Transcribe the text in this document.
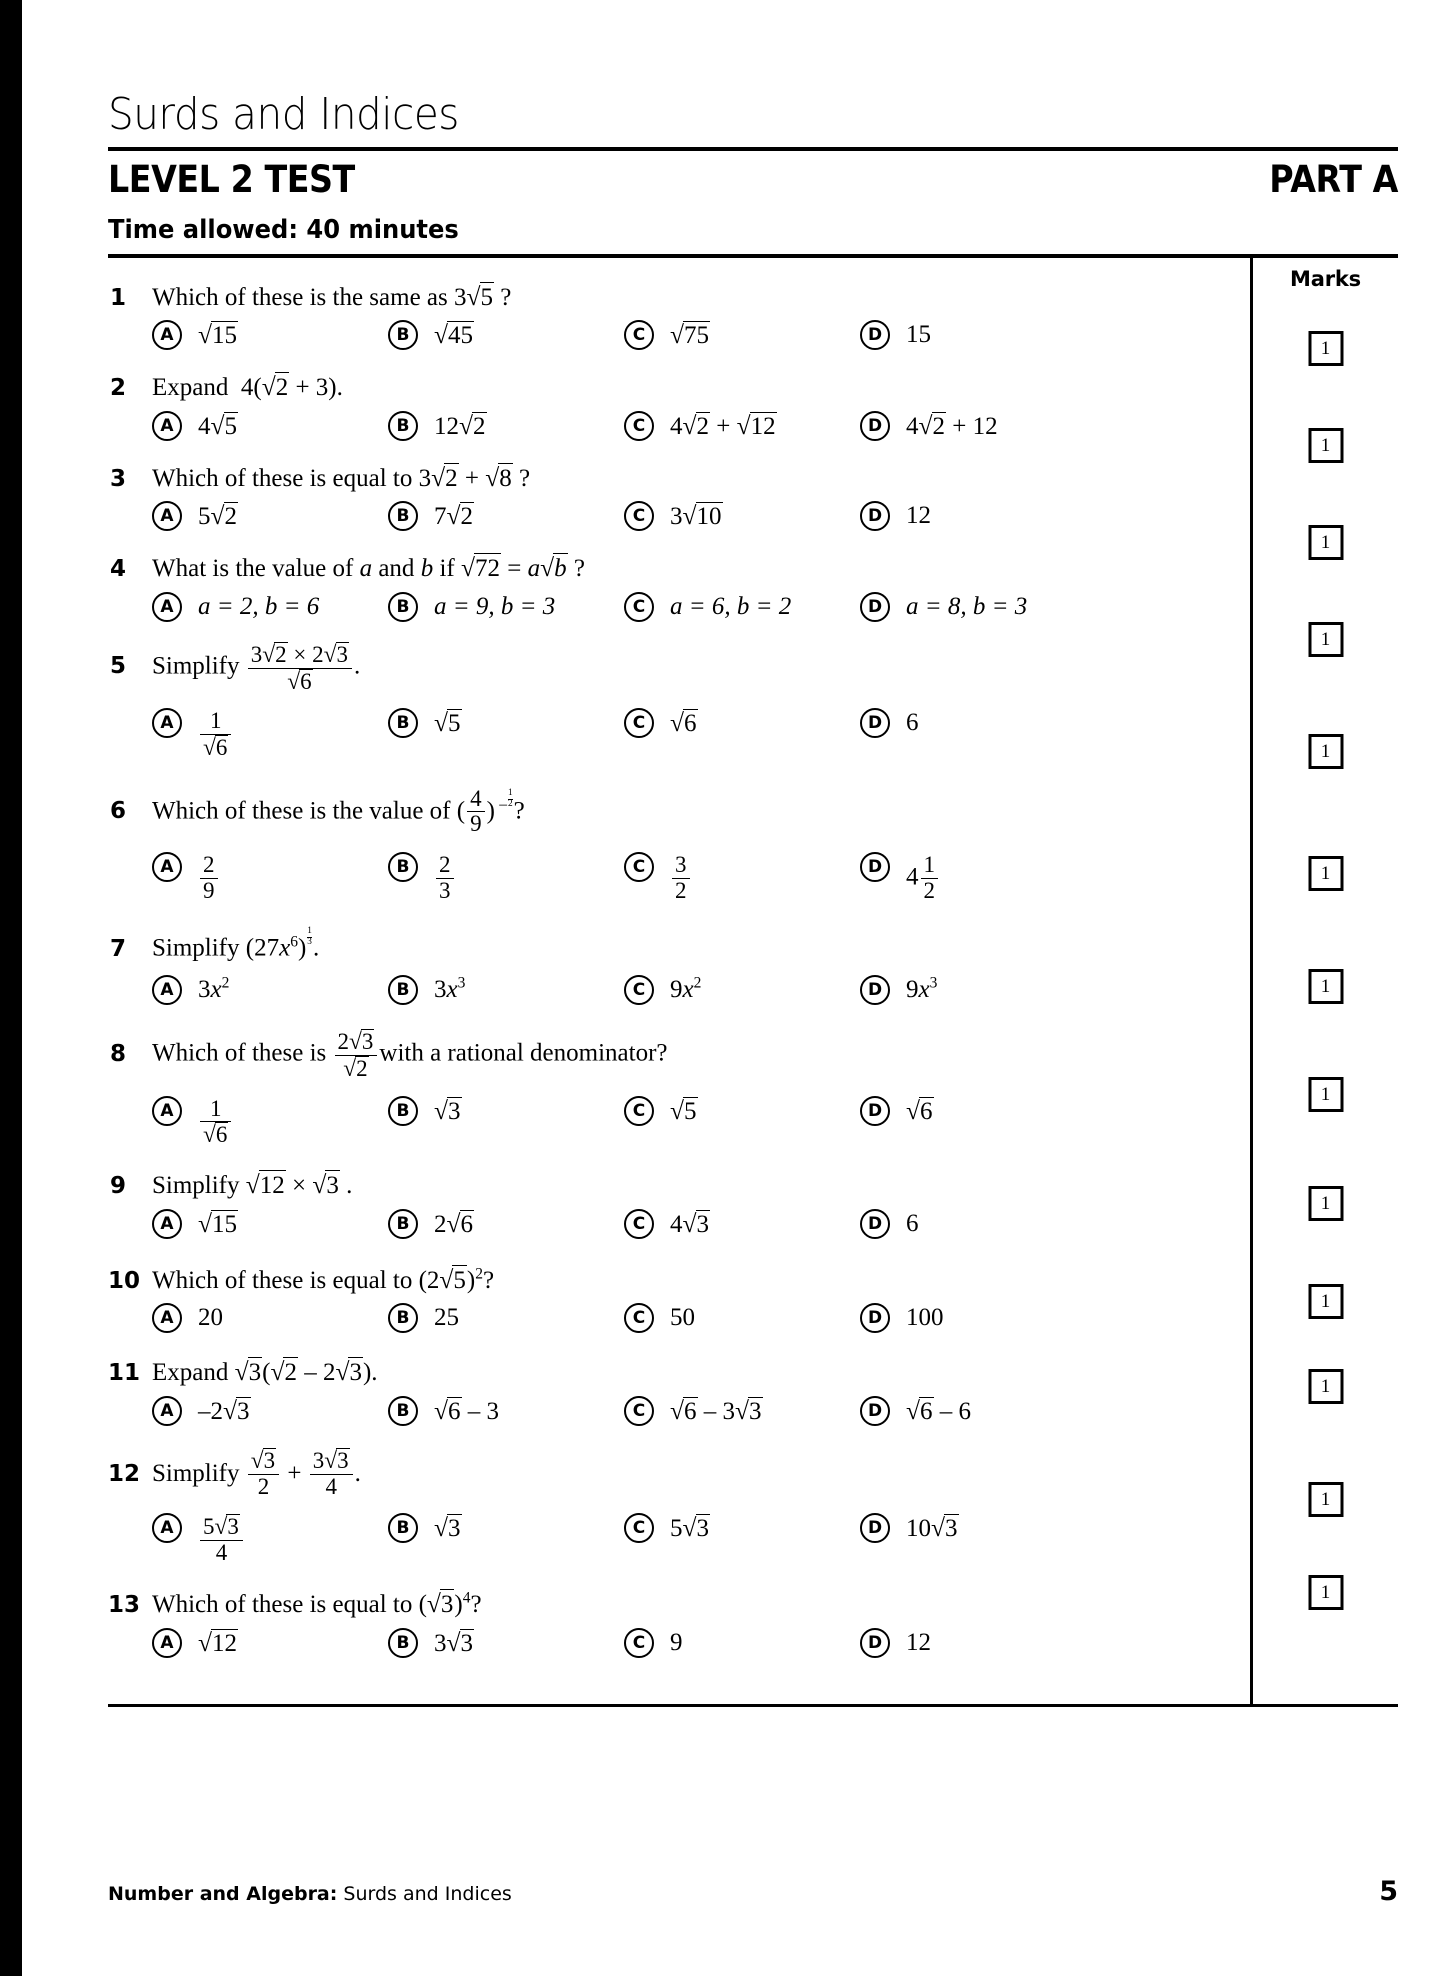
Surds and Indices
LEVEL 2 TEST	PART A
Time allowed: 40 minutes
1	Which of these is the same as 3√5 ?
A √15	B √45	C √75	D 15
2	Expand  4(√2 + 3).
A 4√5	B 12√2	C 4√2 + √12	D 4√2 + 12
3	Which of these is equal to 3√2 + √8 ?
A 5√2	B 7√2	C 3√10	D 12
4	What is the value of a and b if √72 = a√b ?
A a = 2, b = 6	B a = 9, b = 3	C a = 6, b = 2	D a = 8, b = 3
5	Simplify $\frac{3√2 \times 2√3}{√6}$ .
A	$\frac{1}{√6}$	B √5	C √6	D 6
6	Which of these is the value of ( $\frac{4}{9}$ ) $^{- \frac{1}{2}}$ ?
A	$\frac{2}{9}$	B	$\frac{2}{3}$	C	$\frac{3}{2}$	D $4 \frac{1}{2}$
7	Simplify $(27x^6)$ $^{\frac{1}{3}}$ .
A $3x^2$	B $3x^3$	C $9x^2$	D $9x^3$
8	Which of these is $\frac{2√3}{√2}$ with a rational denominator?
A	$\frac{1}{√6}$	B √3	C √5	D √6
9	Simplify √12 × √3 .
A √15	B 2√6	C 4√3	D 6
10 Which of these is equal to $(2√5)^2$?
A 20	B 25	C 50	D 100
11 Expand √3(√2 – 2√3).
A –2√3	B √6 – 3	C √6 – 3√3	D √6 – 6
12 Simplify $\frac{√3}{2} + \frac{3√3}{4}$ .
A	$\frac{5√3}{4}$	B √3	C 5√3	D 10√3
13 Which of these is equal to $(√3)^4$?
A √12	B 3√3	C 9	D 12
Marks
1
1
1
1
1
1
1
1
1
1
1
1
1
Number and Algebra: Surds and Indices	5
